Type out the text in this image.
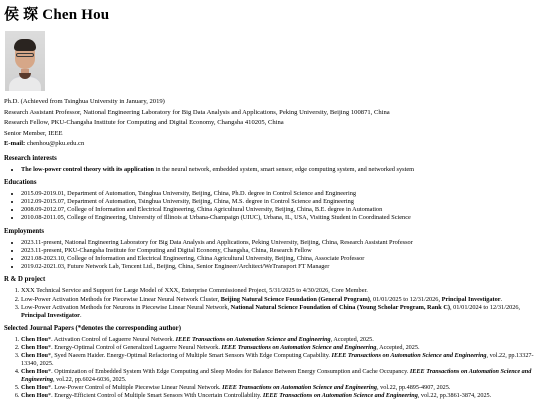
侯 琛 Chen Hou
Ph.D. (Achieved from Tsinghua University in January, 2019)
Research Assistant Professor, National Engineering Laboratory for Big Data Analysis and Applications, Peking University, Beijing 100871, China
Research Fellow, PKU-Changsha Institute for Computing and Digital Economy, Changsha 410205, China
Senior Member, IEEE
E-mail: chenhou@pku.edu.cn
Research interests
• The low-power control theory with its application in the neural network, embedded system, smart sensor, edge computing system, and networked system
Educations
• 2015.09-2019.01, Department of Automation, Tsinghua University, Beijing, China, Ph.D. degree in Control Science and Engineering
• 2012.09-2015.07, Department of Automation, Tsinghua University, Beijing, China, M.S. degree in Control Science and Engineering
• 2008.09-2012.07, College of Information and Electrical Engineering, China Agricultural University, Beijing, China, B.E. degree in Automation
• 2010.08-2011.05, College of Engineering, University of Illinois at Urbana-Champaign (UIUC), Urbana, IL, USA, Visiting Student in Coordinated Science
Employments
• 2023.11-present, National Engineering Laboratory for Big Data Analysis and Applications, Peking University, Beijing, China, Research Assistant Professor
• 2023.11-present, PKU-Changsha Institute for Computing and Digital Economy, Changsha, China, Research Fellow
• 2021.08-2023.10, College of Information and Electrical Engineering, China Agricultural University, Beijing, China, Associate Professor
• 2019.02-2021.03, Future Network Lab, Tencent Ltd., Beijing, China, Senior Engineer/Architect/WeTransport FT Manager
R & D project
1. XXX Technical Service and Support for Large Model of XXX, Enterprise Commissioned Project, 5/31/2025 to 4/30/2026, Core Member.
2. Low-Power Activation Methods for Piecewise Linear Neural Network Cluster, Beijing Natural Science Foundation (General Program), 01/01/2025 to 12/31/2026, Principal Investigator.
3. Low-Power Activation Methods for Neurons in Piecewise Linear Neural Network, National Natural Science Foundation of China (Young Scholar Program, Rank C), 01/01/2024 to 12/31/2026, Principal Investigator.
Selected Journal Papers (*denotes the corresponding author)
1. Chen Hou*. Activation Control of Laguerre Neural Network. IEEE Transactions on Automation Science and Engineering, Accepted, 2025.
2. Chen Hou*. Energy-Optimal Control of Generalized Laguerre Neural Network. IEEE Transactions on Automation Science and Engineering, Accepted, 2025.
3. Chen Hou*, Syed Naeem Haider. Energy-Optimal Refactoring of Multiple Smart Sensors With Edge Computing Capability. IEEE Transactions on Automation Science and Engineering, vol.22, pp.13327-13340, 2025.
4. Chen Hou*. Optimization of Embedded System With Edge Computing and Sleep Modes for Balance Between Energy Consumption and Cache Occupancy. IEEE Transactions on Automation Science and Engineering, vol.22, pp.6024-6036, 2025.
5. Chen Hou*. Low-Power Control of Multiple Piecewise Linear Neural Network. IEEE Transactions on Automation Science and Engineering, vol.22, pp.4895-4907, 2025.
6. Chen Hou*. Energy-Efficient Control of Multiple Smart Sensors With Uncertain Controllability. IEEE Transactions on Automation Science and Engineering, vol.22, pp.3861-3874, 2025.
